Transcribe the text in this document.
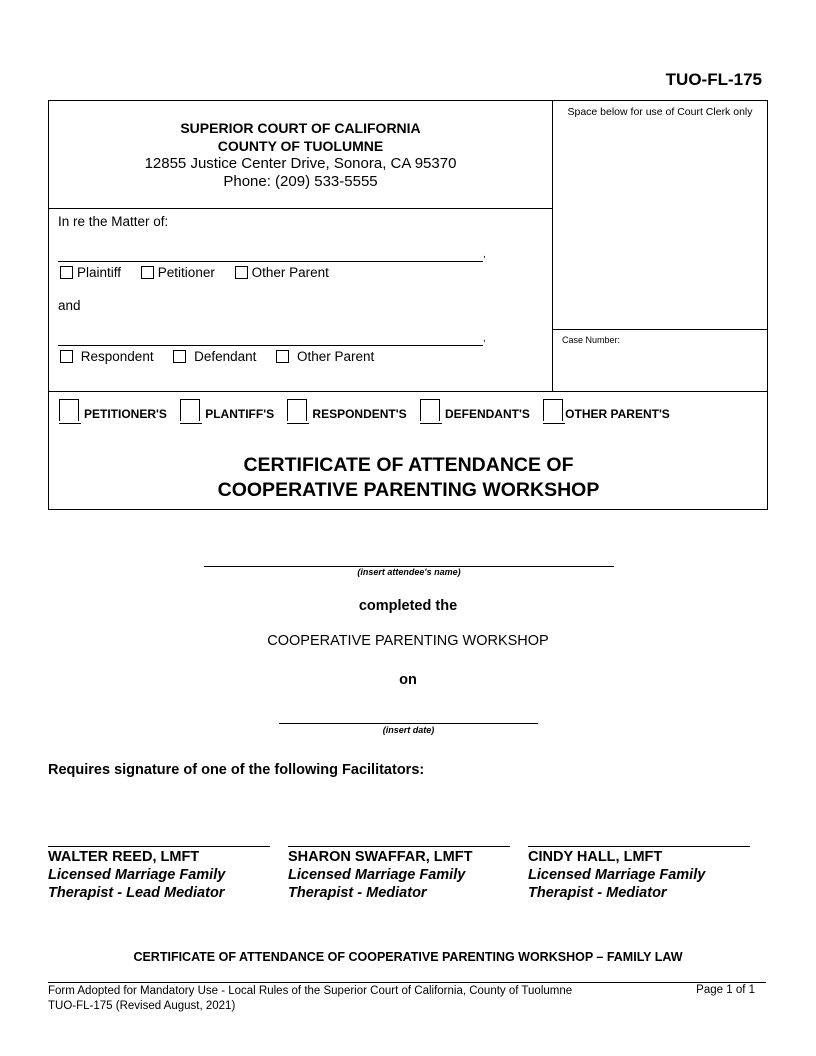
TUO-FL-175
SUPERIOR COURT OF CALIFORNIA
COUNTY OF TUOLUMNE
12855 Justice Center Drive, Sonora, CA 95370
Phone: (209) 533-5555
Space below for use of Court Clerk only
Case Number:
In re the Matter of:
,
Plaintiff	Petitioner	Other Parent
and
,
Respondent	Defendant	Other Parent
PETITIONER'S	PLANTIFF'S	RESPONDENT'S	DEFENDANT'S	OTHER PARENT'S
CERTIFICATE OF ATTENDANCE OF
COOPERATIVE PARENTING WORKSHOP
(insert attendee's name)
completed the
COOPERATIVE PARENTING WORKSHOP
on
(insert date)
Requires signature of one of the following Facilitators:
WALTER REED, LMFT
Licensed Marriage Family
Therapist - Lead Mediator
SHARON SWAFFAR, LMFT
Licensed Marriage Family
Therapist - Mediator
CINDY HALL, LMFT
Licensed Marriage Family
Therapist - Mediator
CERTIFICATE OF ATTENDANCE OF COOPERATIVE PARENTING WORKSHOP – FAMILY LAW
Form Adopted for Mandatory Use - Local Rules of the Superior Court of California, County of Tuolumne
TUO-FL-175 (Revised August, 2021)
Page 1 of 1
